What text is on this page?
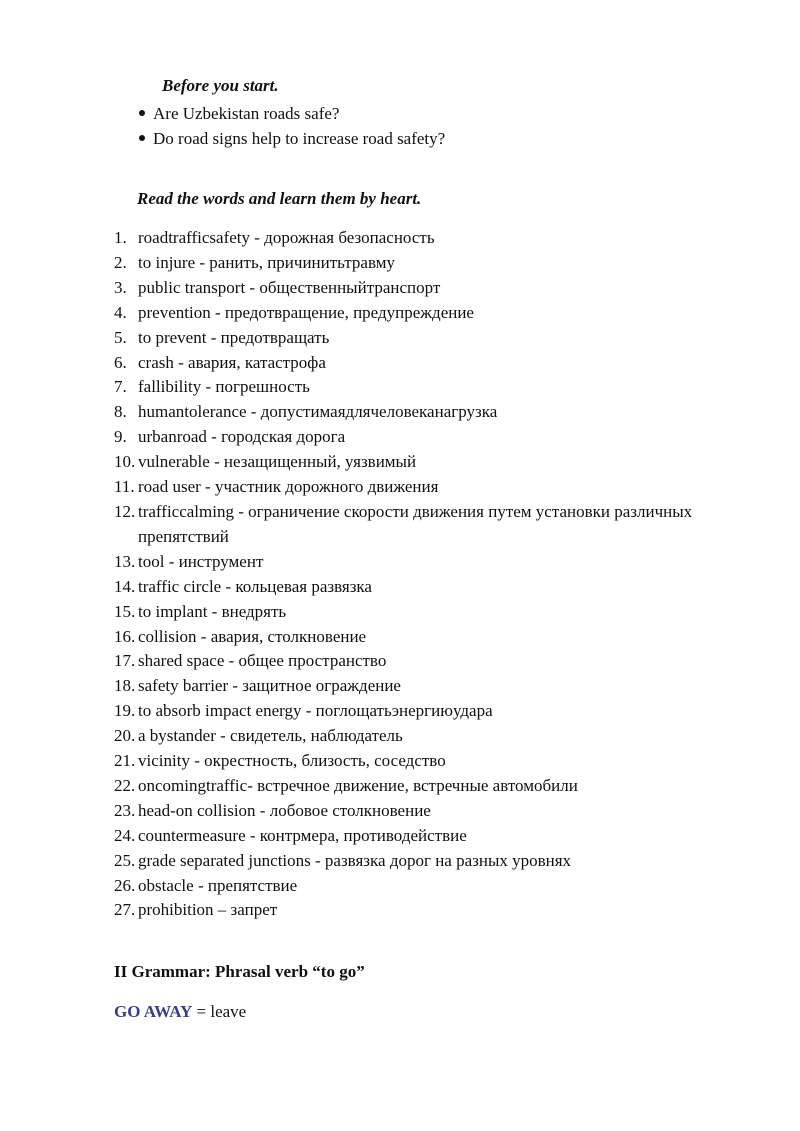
Before you start.
Are Uzbekistan roads safe?
Do road signs help to increase road safety?
Read the words and learn them by heart.
1. roadtrafficsafety - дорожная безопасность
2. to injure - ранить, причинитьтравму
3. public transport - общественныйтранспорт
4. prevention - предотвращение, предупреждение
5. to prevent - предотвращать
6. crash - авария, катастрофа
7. fallibility - погрешность
8. humantolerance - допустимаядлячеловеканагрузка
9. urbanroad - городская дорога
10. vulnerable - незащищенный, уязвимый
11. road user - участник дорожного движения
12. trafficcalming - ограничение скорости движения путем установки различных препятствий
13. tool - инструмент
14. traffic circle - кольцевая развязка
15. to implant - внедрять
16. collision - авария, столкновение
17. shared space - общее пространство
18. safety barrier - защитное ограждение
19. to absorb impact energy - поглощатьэнергиюудара
20. a bystander - свидетель, наблюдатель
21. vicinity - окрестность, близость, соседство
22. oncomingtraffic- встречное движение, встречные автомобили
23. head-on collision - лобовое столкновение
24. countermeasure - контрмера, противодействие
25. grade separated junctions - развязка дорог на разных уровнях
26. obstacle - препятствие
27. prohibition – запрет
II Grammar: Phrasal verb “to go”
GO AWAY = leave
